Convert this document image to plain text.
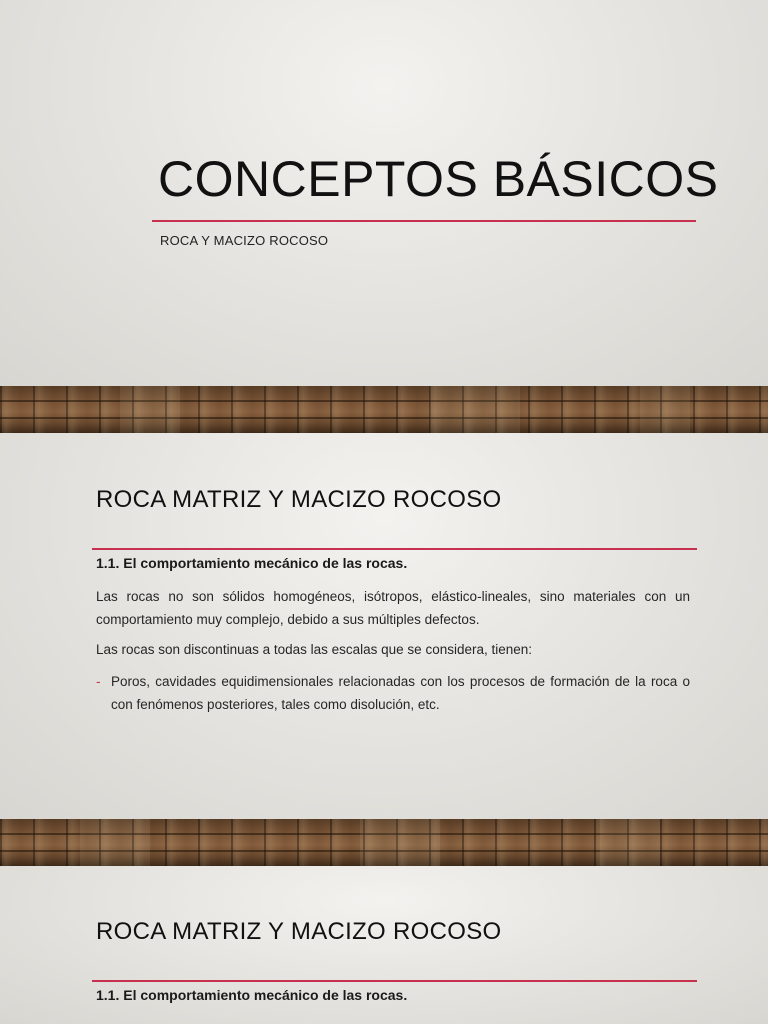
CONCEPTOS BÁSICOS
ROCA Y MACIZO ROCOSO
ROCA MATRIZ Y MACIZO ROCOSO
1.1. El comportamiento mecánico de las rocas.

Las rocas no son sólidos homogéneos, isótropos, elástico-lineales, sino materiales con un comportamiento muy complejo, debido a sus múltiples defectos.

Las rocas son discontinuas a todas las escalas que se considera, tienen:

- Poros, cavidades equidimensionales relacionadas con los procesos de formación de la roca o con fenómenos posteriores, tales como disolución, etc.
ROCA MATRIZ Y MACIZO ROCOSO
1.1. El comportamiento mecánico de las rocas.
